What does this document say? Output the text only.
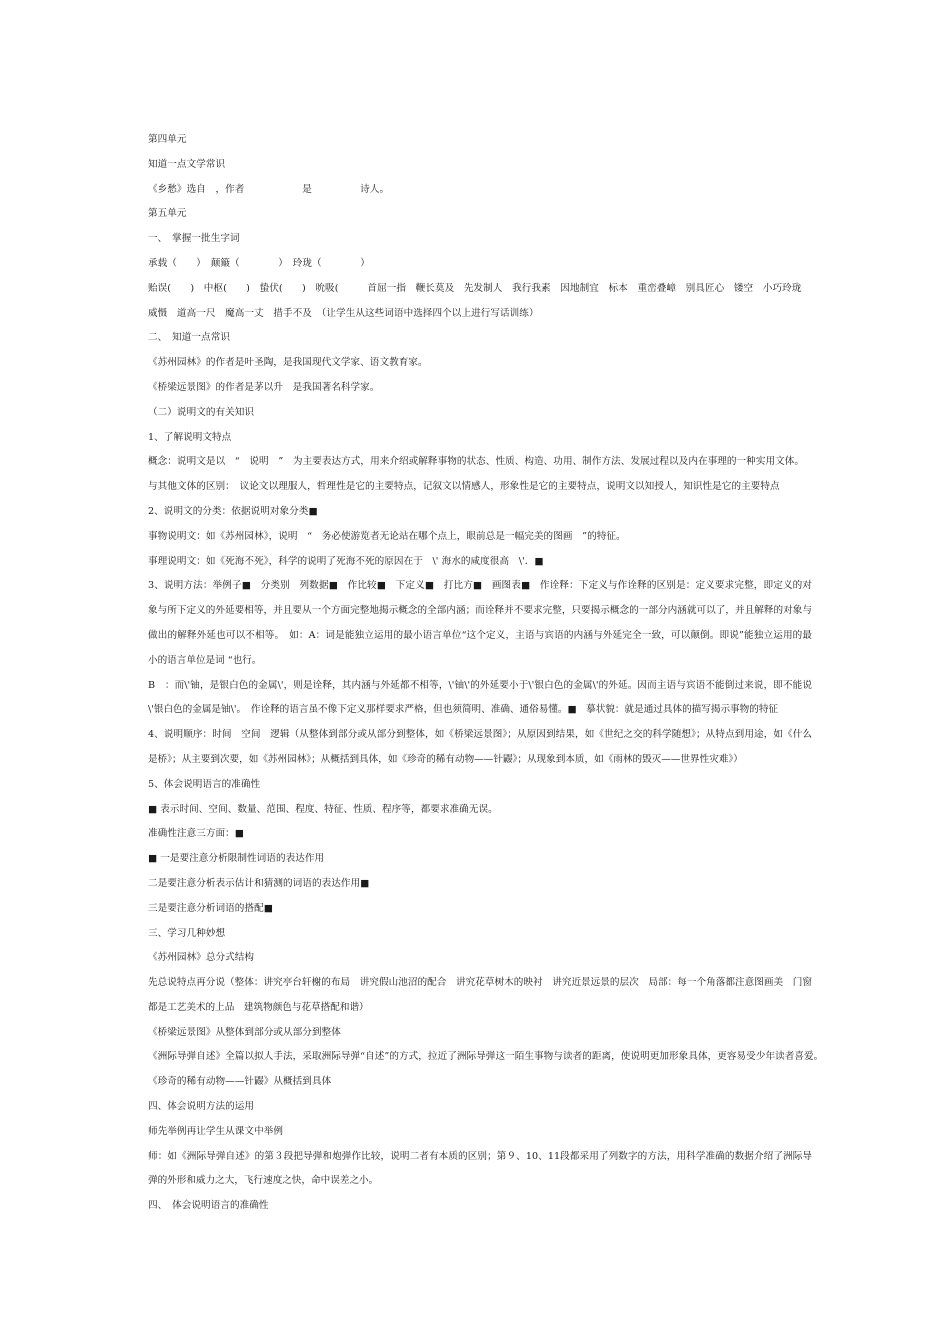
第四单元

知道一点文学常识

《乡愁》选自　，作者　　　　　　是　　　　　诗人。

第五单元

一、　掌握一批生字词

承载（　　）　颠簸（　　　　）　玲珑（　　　　）

贻误(　　)　中枢(　　)　蛰伏(　　)　吮吸(　　　首屈一指　鞭长莫及　先发制人　我行我素　因地制宜　标本　重峦叠嶂　别具匠心　镂空　小巧玲珑

威慑　道高一尺　魔高一丈　措手不及　（让学生从这些词语中选择四个以上进行写话训练）

二、　知道一点常识

《苏州园林》的作者是叶圣陶，是我国现代文学家、语文教育家。

《桥梁远景图》的作者是茅以升　是我国著名科学家。

（二）说明文的有关知识

1、了解说明文特点

概念：说明文是以　“　说明　”　为主要表达方式，用来介绍或解释事物的状态、性质、构造、功用、制作方法、发展过程以及内在事理的一种实用文体。

与其他文体的区别：　议论文以理服人，哲理性是它的主要特点，记叙文以情感人，形象性是它的主要特点，说明文以知授人，知识性是它的主要特点

2、说明文的分类：依据说明对象分类■

事物说明文：如《苏州园林》，说明　“　务必使游览者无论站在哪个点上，眼前总是一幅完美的图画　”的特征。

事理说明文：如《死海不死》，科学的说明了死海不死的原因在于　\' 海水的咸度很高　\'．■

3、说明方法：举例子■　分类别　列数据■　作比较■　下定义■　打比方■　画图表■　作诠释：下定义与作诠释的区别是：定义要求完整，即定义的对象与所下定义的外延要相等，并且要从一个方面完整地揭示概念的全部内涵；而诠释并不要求完整，只要揭示概念的一部分内涵就可以了，并且解释的对象与做出的解释外延也可以不相等。　如：A：词是能独立运用的最小语言单位“这个定义，主语与宾语的内涵与外延完全一致，可以颠倒。即说”能独立运用的最小的语言单位是词 “也行。

B　：而\'铀，是银白色的金属\'，则是诠释，其内涵与外延都不相等，\'铀\'的外延要小于\'银白色的金属\'的外延。因而主语与宾语不能倒过来说，即不能说\'银白色的金属是铀\'。　作诠释的语言虽不像下定义那样要求严格，但也须简明、准确、通俗易懂。■　摹状貌：就是通过具体的描写揭示事物的特征

4、说明顺序：时间　空间　逻辑（从整体到部分或从部分到整体，如《桥梁远景图》；从原因到结果，如《世纪之交的科学随想》；从特点到用途，如《什么是桥》；从主要到次要，如《苏州园林》；从概括到具体，如《珍奇的稀有动物——针鼹》；从现象到本质，如《雨林的毁灭——世界性灾难》）

5、体会说明语言的准确性

■ 表示时间、空间、数量、范围、程度、特征、性质、程序等，都要求准确无误。

准确性注意三方面：■

■ 一是要注意分析限制性词语的表达作用

二是要注意分析表示估计和猜测的词语的表达作用■

三是要注意分析词语的搭配■

三、学习几种妙想

《苏州园林》总分式结构

先总说特点再分说（整体：讲究亭台轩榭的布局　讲究假山池沼的配合　讲究花草树木的映衬　讲究近景远景的层次　局部：每一个角落都注意图画美　门窗都是工艺美术的上品　建筑物颜色与花草搭配和谐）

《桥梁远景图》从整体到部分或从部分到整体

《洲际导弹自述》全篇以拟人手法，采取洲际导弹“自述”的方式，拉近了洲际导弹这一陌生事物与读者的距离，使说明更加形象具体，更容易受少年读者喜爱。

《珍奇的稀有动物——针鼹》从概括到具体

四、体会说明方法的运用

师先举例再让学生从课文中举例

师：如《洲际导弹自述》的第３段把导弹和炮弹作比较，说明二者有本质的区别；第９、10、11段都采用了列数字的方法，用科学准确的数据介绍了洲际导弹的外形和威力之大，飞行速度之快，命中误差之小。

四、　体会说明语言的准确性
